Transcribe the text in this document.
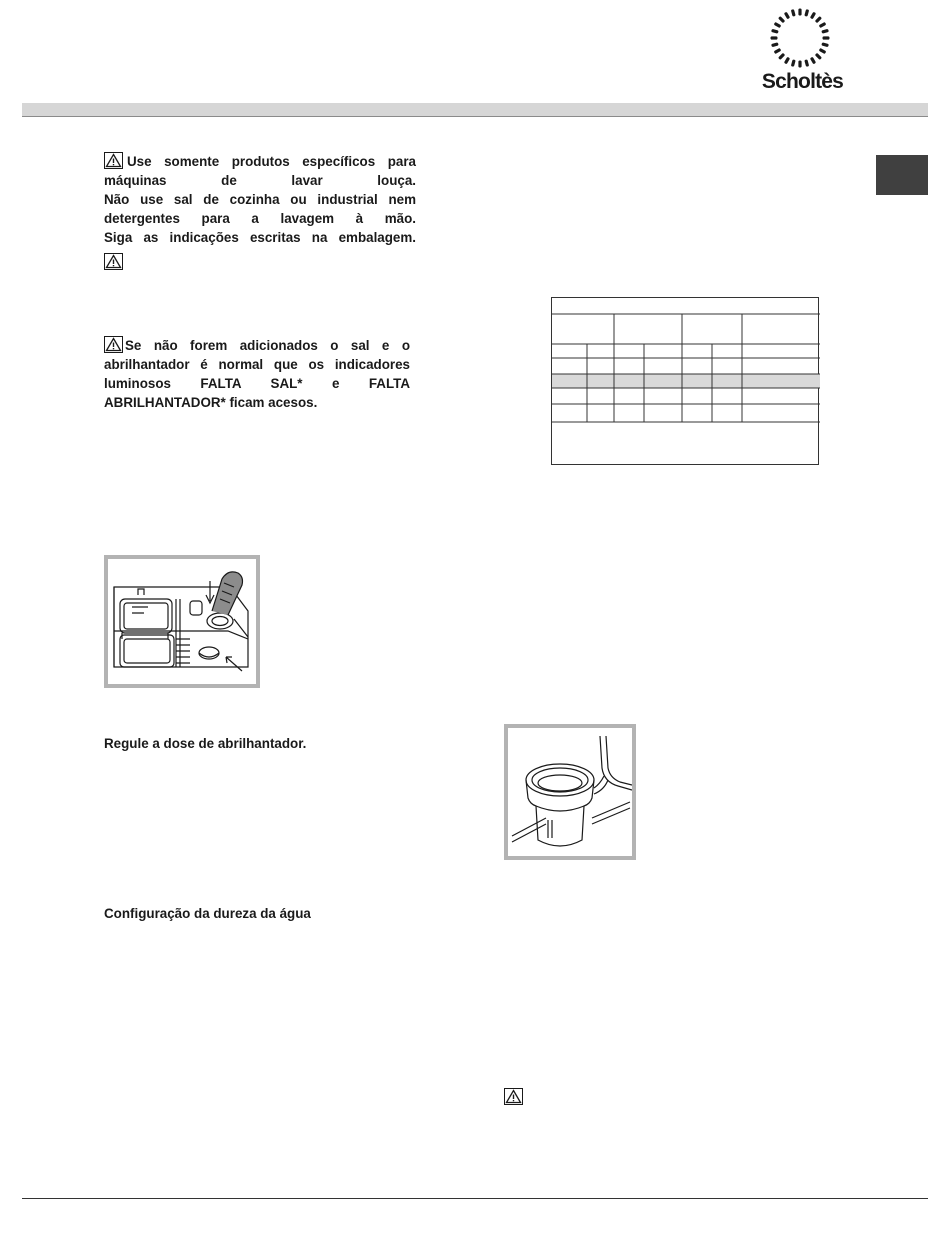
Scholtès
Use somente produtos específicos para
máquinas de lavar louça.
Não use sal de cozinha ou industrial nem
detergentes para a lavagem à mão.
Siga as indicações escritas na embalagem.
Se não forem adicionados o sal e o
abrilhantador é normal que os indicadores
luminosos FALTA SAL* e FALTA
ABRILHANTADOR* ficam acesos.
Regule a dose de abrilhantador.
Configuração da dureza da água
